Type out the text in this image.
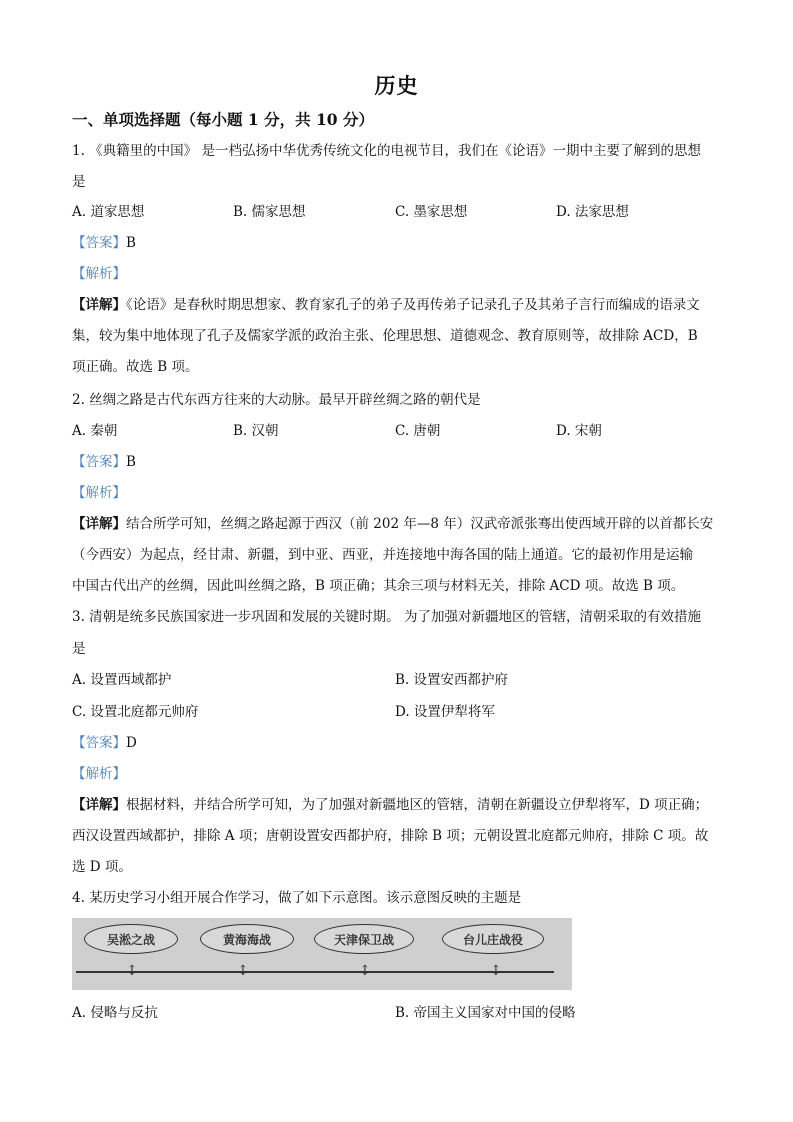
历史
一、单项选择题（每小题 1 分，共 10 分）
1. 《典籍里的中国》 是一档弘扬中华优秀传统文化的电视节目，我们在《论语》一期中主要了解到的思想
是
A. 道家思想	B. 儒家思想	C. 墨家思想	D. 法家思想
【答案】B
【解析】
【详解】《论语》是春秋时期思想家、教育家孔子的弟子及再传弟子记录孔子及其弟子言行而编成的语录文
集，较为集中地体现了孔子及儒家学派的政治主张、伦理思想、道德观念、教育原则等，故排除 ACD，B
项正确。故选 B 项。
2. 丝绸之路是古代东西方往来的大动脉。最早开辟丝绸之路的朝代是
A. 秦朝	B. 汉朝	C. 唐朝	D. 宋朝
【答案】B
【解析】
【详解】结合所学可知，丝绸之路起源于西汉（前 202 年—8 年）汉武帝派张骞出使西域开辟的以首都长安
（今西安）为起点，经甘肃、新疆，到中亚、西亚，并连接地中海各国的陆上通道。它的最初作用是运输
中国古代出产的丝绸，因此叫丝绸之路，B 项正确；其余三项与材料无关，排除 ACD 项。故选 B 项。
3. 清朝是统多民族国家进一步巩固和发展的关键时期。 为了加强对新疆地区的管辖，清朝采取的有效措施
是
A. 设置西域都护	B. 设置安西都护府
C. 设置北庭都元帅府	D. 设置伊犁将军
【答案】D
【解析】
【详解】根据材料，并结合所学可知，为了加强对新疆地区的管辖，清朝在新疆设立伊犁将军，D 项正确；
西汉设置西域都护，排除 A 项；唐朝设置安西都护府，排除 B 项；元朝设置北庭都元帅府，排除 C 项。故
选 D 项。
4. 某历史学习小组开展合作学习，做了如下示意图。该示意图反映的主题是
吴淞之战	黄海海战	天津保卫战	台儿庄战役
↕	↕	↕	↕
A. 侵略与反抗	B. 帝国主义国家对中国的侵略
